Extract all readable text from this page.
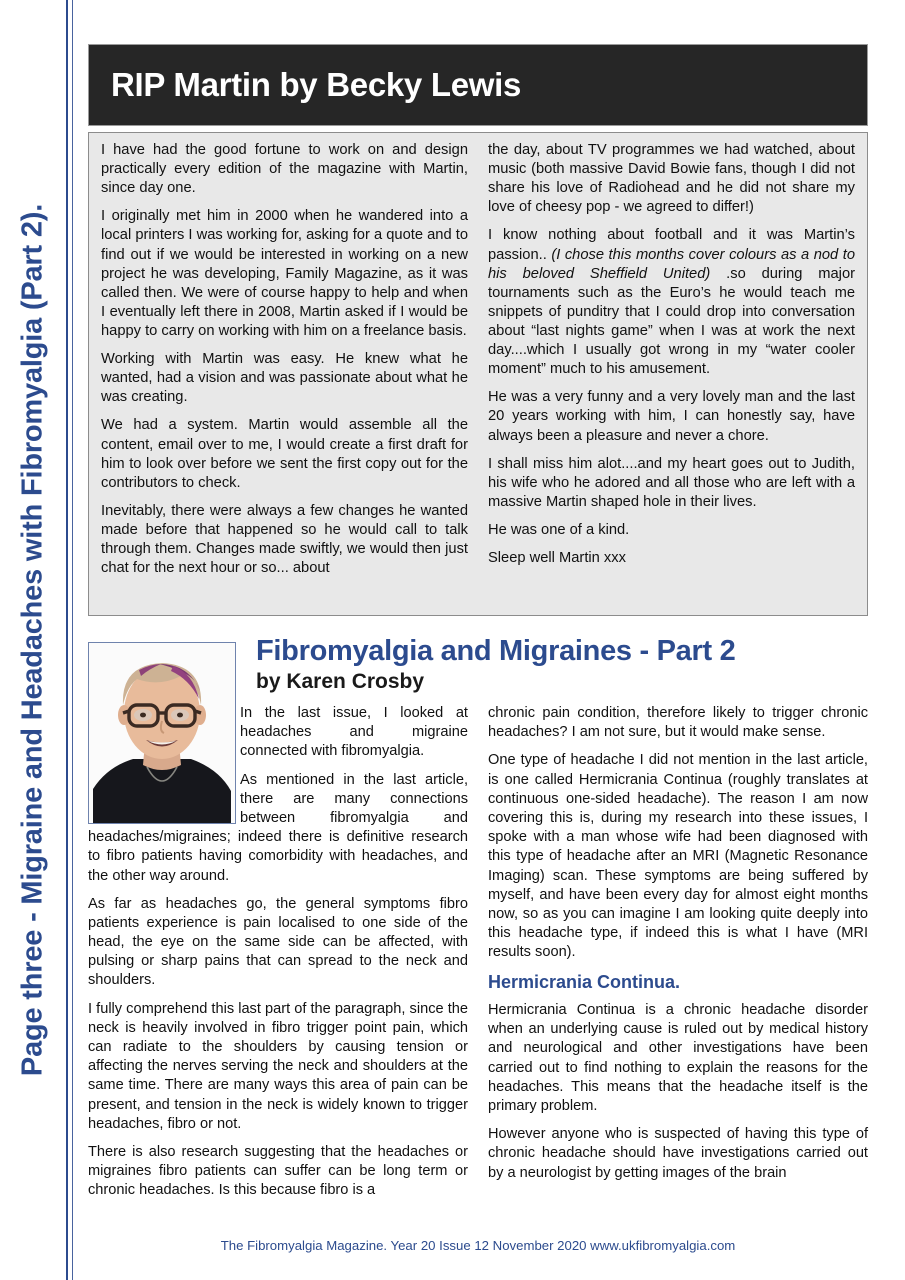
Page three - Migraine and Headaches with Fibromyalgia (Part 2).
RIP Martin by Becky Lewis

I have had the good fortune to work on and design practically every edition of the magazine with Martin, since day one.

I originally met him in 2000 when he wandered into a local printers I was working for, asking for a quote and to find out if we would be interested in working on a new project he was developing, Family Magazine, as it was called then. We were of course happy to help and when I eventually left there in 2008, Martin asked if I would be happy to carry on working with him on a freelance basis.

Working with Martin was easy. He knew what he wanted, had a vision and was passionate about what he was creating.

We had a system. Martin would assemble all the content, email over to me, I would create a first draft for him to look over before we sent the first copy out for the contributors to check.

Inevitably, there were always a few changes he wanted made before that happened so he would call to talk through them. Changes made swiftly, we would then just chat for the next hour or so... about

the day, about TV programmes we had watched, about music (both massive David Bowie fans, though I did not share his love of Radiohead and he did not share my love of cheesy pop - we agreed to differ!)

I know nothing about football and it was Martin’s passion.. (I chose this months cover colours as a nod to his beloved Sheffield United) .so during major tournaments such as the Euro’s he would teach me snippets of punditry that I could drop into conversation about “last nights game” when I was at work the next day....which I usually got wrong in my “water cooler moment” much to his amusement.

He was a very funny and a very lovely man and the last 20 years working with him, I can honestly say, have always been a pleasure and never a chore.

I shall miss him alot....and my heart goes out to Judith, his wife who he adored and all those who are left with a massive Martin shaped hole in their lives.

He was one of a kind.

Sleep well Martin xxx

Fibromyalgia and Migraines - Part 2
by Karen Crosby

In the last issue, I looked at headaches and migraine connected with fibromyalgia.

As mentioned in the last article, there are many connections between fibromyalgia and headaches/migraines; indeed there is definitive research to fibro patients having comorbidity with headaches, and the other way around.

As far as headaches go, the general symptoms fibro patients experience is pain localised to one side of the head, the eye on the same side can be affected, with pulsing or sharp pains that can spread to the neck and shoulders.

I fully comprehend this last part of the paragraph, since the neck is heavily involved in fibro trigger point pain, which can radiate to the shoulders by causing tension or affecting the nerves serving the neck and shoulders at the same time. There are many ways this area of pain can be present, and tension in the neck is widely known to trigger headaches, fibro or not.

There is also research suggesting that the headaches or migraines fibro patients can suffer can be long term or chronic headaches. Is this because fibro is a

chronic pain condition, therefore likely to trigger chronic headaches? I am not sure, but it would make sense.

One type of headache I did not mention in the last article, is one called Hermicrania Continua (roughly translates at continuous one-sided headache). The reason I am now covering this is, during my research into these issues, I spoke with a man whose wife had been diagnosed with this type of headache after an MRI (Magnetic Resonance Imaging) scan. These symptoms are being suffered by myself, and have been every day for almost eight months now, so as you can imagine I am looking quite deeply into this headache type, if indeed this is what I have (MRI results soon).

Hermicrania Continua.

Hermicrania Continua is a chronic headache disorder when an underlying cause is ruled out by medical history and neurological and other investigations have been carried out to find nothing to explain the reasons for the headaches. This means that the headache itself is the primary problem.

However anyone who is suspected of having this type of chronic headache should have investigations carried out by a neurologist by getting images of the brain

The Fibromyalgia Magazine. Year 20 Issue 12 November 2020 www.ukfibromyalgia.com
